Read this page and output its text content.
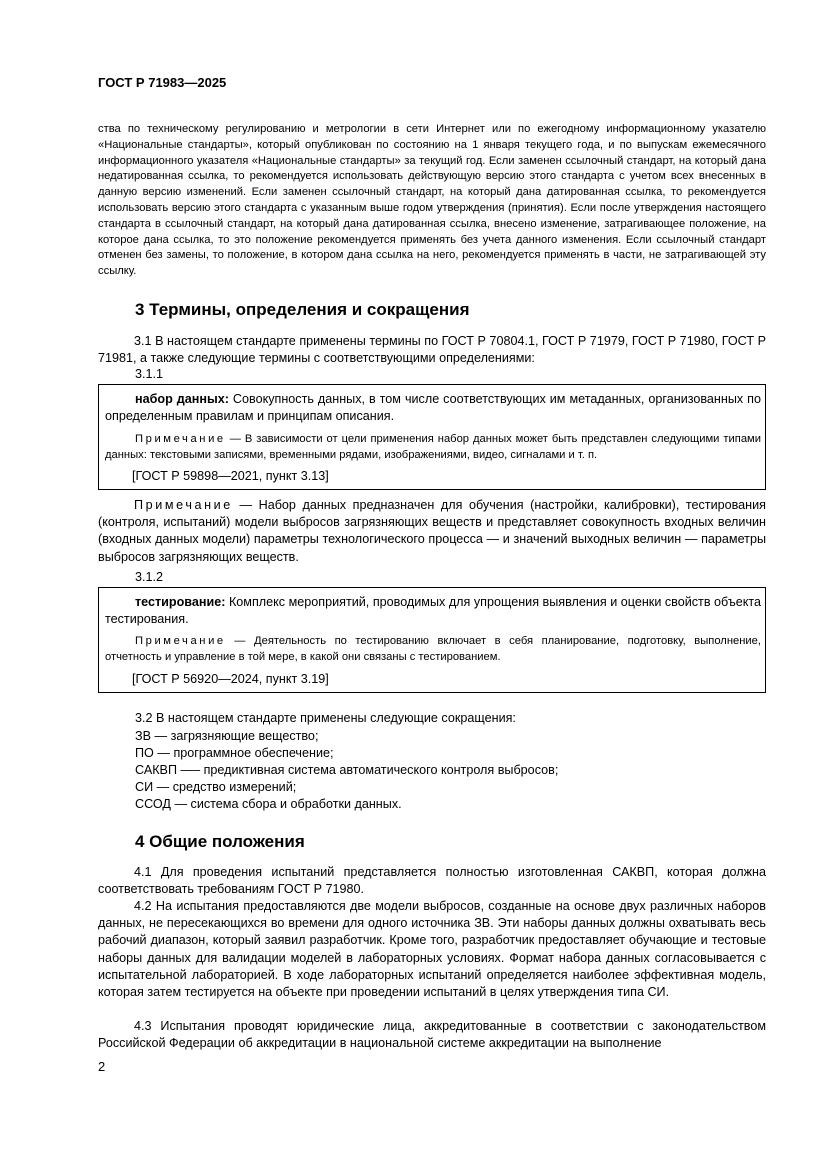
ГОСТ Р 71983—2025
ства по техническому регулированию и метрологии в сети Интернет или по ежегодному информационному указателю «Национальные стандарты», который опубликован по состоянию на 1 января текущего года, и по выпускам ежемесячного информационного указателя «Национальные стандарты» за текущий год. Если заменен ссылочный стандарт, на который дана недатированная ссылка, то рекомендуется использовать действующую версию этого стандарта с учетом всех внесенных в данную версию изменений. Если заменен ссылочный стандарт, на который дана датированная ссылка, то рекомендуется использовать версию этого стандарта с указанным выше годом утверждения (принятия). Если после утверждения настоящего стандарта в ссылочный стандарт, на который дана датированная ссылка, внесено изменение, затрагивающее положение, на которое дана ссылка, то это положение рекомендуется применять без учета данного изменения. Если ссылочный стандарт отменен без замены, то положение, в котором дана ссылка на него, рекомендуется применять в части, не затрагивающей эту ссылку.
3 Термины, определения и сокращения
3.1 В настоящем стандарте применены термины по ГОСТ Р 70804.1, ГОСТ Р 71979, ГОСТ Р 71980, ГОСТ Р 71981, а также следующие термины с соответствующими определениями:
3.1.1
набор данных: Совокупность данных, в том числе соответствующих им метаданных, организованных по определенным правилам и принципам описания.
Примечание — В зависимости от цели применения набор данных может быть представлен следующими типами данных: текстовыми записями, временными рядами, изображениями, видео, сигналами и т. п.
[ГОСТ Р 59898—2021, пункт 3.13]
Примечание — Набор данных предназначен для обучения (настройки, калибровки), тестирования (контроля, испытаний) модели выбросов загрязняющих веществ и представляет совокупность входных величин (входных данных модели) параметры технологического процесса — и значений выходных величин — параметры выбросов загрязняющих веществ.
3.1.2
тестирование: Комплекс мероприятий, проводимых для упрощения выявления и оценки свойств объекта тестирования.
Примечание — Деятельность по тестированию включает в себя планирование, подготовку, выполнение, отчетность и управление в той мере, в какой они связаны с тестированием.
[ГОСТ Р 56920—2024, пункт 3.19]
3.2 В настоящем стандарте применены следующие сокращения:
ЗВ — загрязняющие вещество;
ПО — программное обеспечение;
САКВП —– предиктивная система автоматического контроля выбросов;
СИ — средство измерений;
ССОД — система сбора и обработки данных.
4 Общие положения
4.1 Для проведения испытаний представляется полностью изготовленная САКВП, которая должна соответствовать требованиям ГОСТ Р 71980.
4.2 На испытания предоставляются две модели выбросов, созданные на основе двух различных наборов данных, не пересекающихся во времени для одного источника ЗВ. Эти наборы данных должны охватывать весь рабочий диапазон, который заявил разработчик. Кроме того, разработчик предоставляет обучающие и тестовые наборы данных для валидации моделей в лабораторных условиях. Формат набора данных согласовывается с испытательной лабораторией. В ходе лабораторных испытаний определяется наиболее эффективная модель, которая затем тестируется на объекте при проведении испытаний в целях утверждения типа СИ.
4.3 Испытания проводят юридические лица, аккредитованные в соответствии с законодательством Российской Федерации об аккредитации в национальной системе аккредитации на выполнение
2
